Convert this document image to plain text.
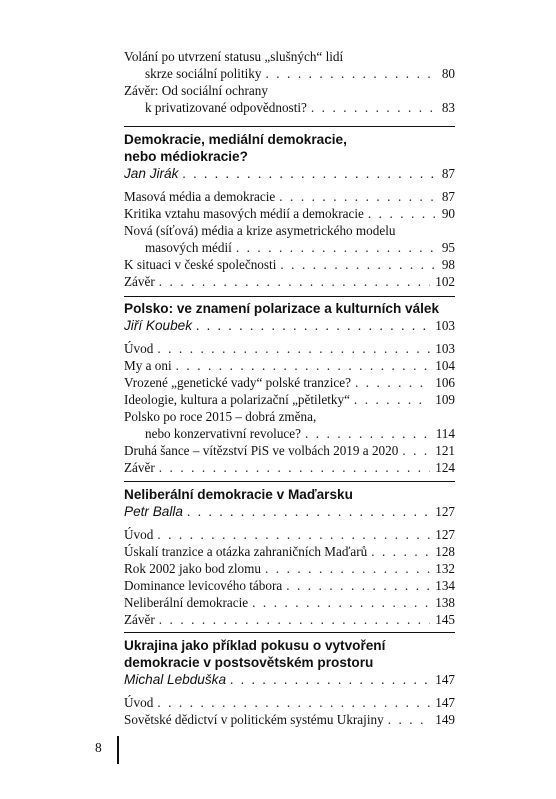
Volání po utvrzení statusu „slušných“ lidí
skrze sociální politiky . . .	80
Závěr: Od sociální ochrany
k privatizované odpovědnosti? . . .	83
Demokracie, mediální demokracie,
nebo médiokracie?
Jan Jirák . . .	87
Masová média a demokracie . . .	87
Kritika vztahu masových médií a demokracie . . .	90
Nová (síťová) média a krize asymetrického modelu
masových médií . . .	95
K situaci v české společnosti . . .	98
Závěr . . .	102
Polsko: ve znamení polarizace a kulturních válek
Jiří Koubek . . .	103
Úvod . . .	103
My a oni . . .	104
Vrozené „genetické vady“ polské tranzice? . . .	106
Ideologie, kultura a polarizační „pětiletky“ . . .	109
Polsko po roce 2015 – dobrá změna,
nebo konzervativní revoluce? . . .	114
Druhá šance – vítězství PiS ve volbách 2019 a 2020 . . .	121
Závěr . . .	124
Neliberální demokracie v Maďarsku
Petr Balla . . .	127
Úvod . . .	127
Úskalí tranzice a otázka zahraničních Maďarů . . .	128
Rok 2002 jako bod zlomu . . .	132
Dominance levicového tábora . . .	134
Neliberální demokracie . . .	138
Závěr . . .	145
Ukrajina jako příklad pokusu o vytvoření
demokracie v postsovětském prostoru
Michal Lebduška . . .	147
Úvod . . .	147
Sovětské dědictví v politickém systému Ukrajiny . . .	149
8
